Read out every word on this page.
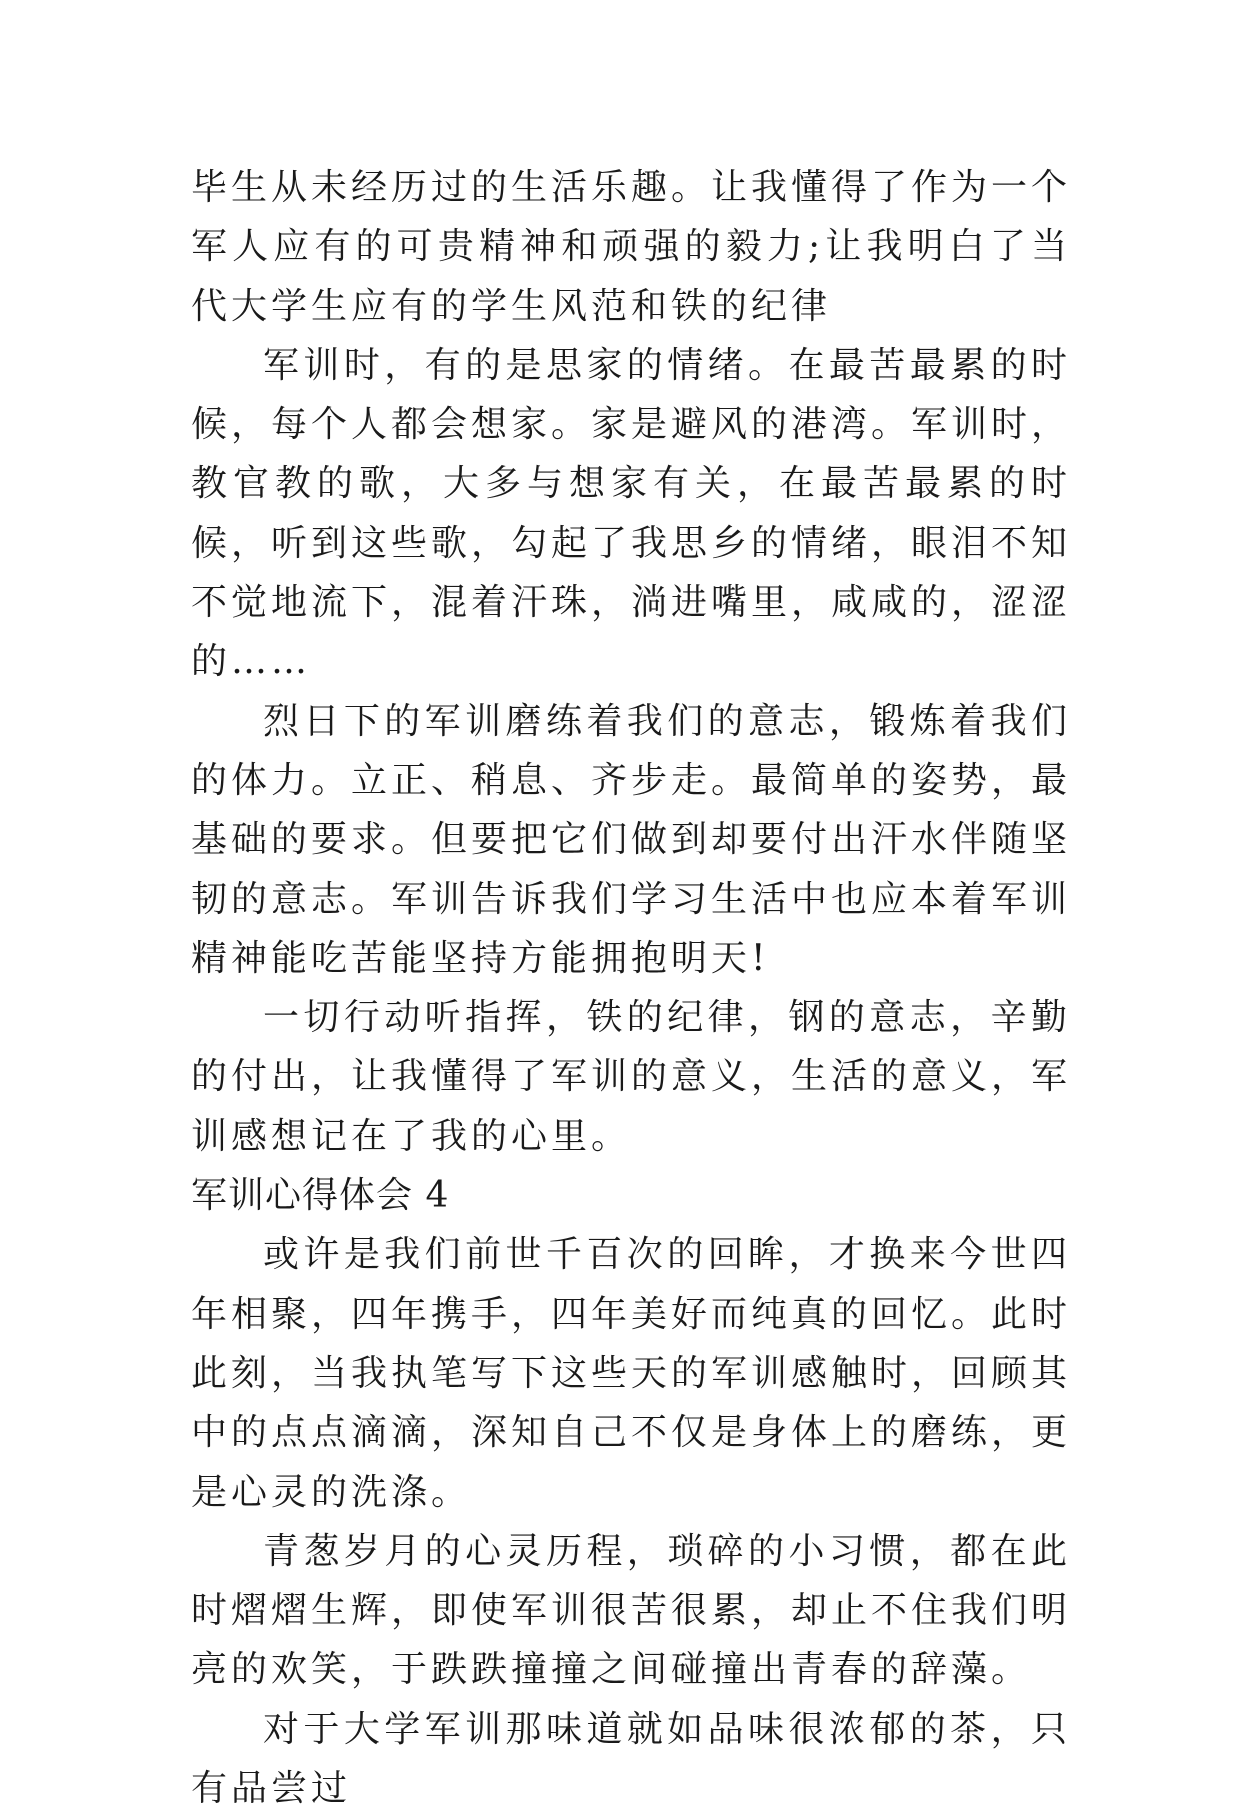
毕生从未经历过的生活乐趣。让我懂得了作为一个军人应有的可贵精神和顽强的毅力;让我明白了当代大学生应有的学生风范和铁的纪律

军训时，有的是思家的情绪。在最苦最累的时候，每个人都会想家。家是避风的港湾。军训时，教官教的歌，大多与想家有关，在最苦最累的时候，听到这些歌，勾起了我思乡的情绪，眼泪不知不觉地流下，混着汗珠，淌进嘴里，咸咸的，涩涩的……

烈日下的军训磨练着我们的意志，锻炼着我们的体力。立正、稍息、齐步走。最简单的姿势，最基础的要求。但要把它们做到却要付出汗水伴随坚韧的意志。军训告诉我们学习生活中也应本着军训精神能吃苦能坚持方能拥抱明天!

一切行动听指挥，铁的纪律，钢的意志，辛勤的付出，让我懂得了军训的意义，生活的意义，军训感想记在了我的心里。

军训心得体会 4

或许是我们前世千百次的回眸，才换来今世四年相聚，四年携手，四年美好而纯真的回忆。此时此刻，当我执笔写下这些天的军训感触时，回顾其中的点点滴滴，深知自己不仅是身体上的磨练，更是心灵的洗涤。

青葱岁月的心灵历程，琐碎的小习惯，都在此时熠熠生辉，即使军训很苦很累，却止不住我们明亮的欢笑，于跌跌撞撞之间碰撞出青春的辞藻。

对于大学军训那味道就如品味很浓郁的茶，只有品尝过
